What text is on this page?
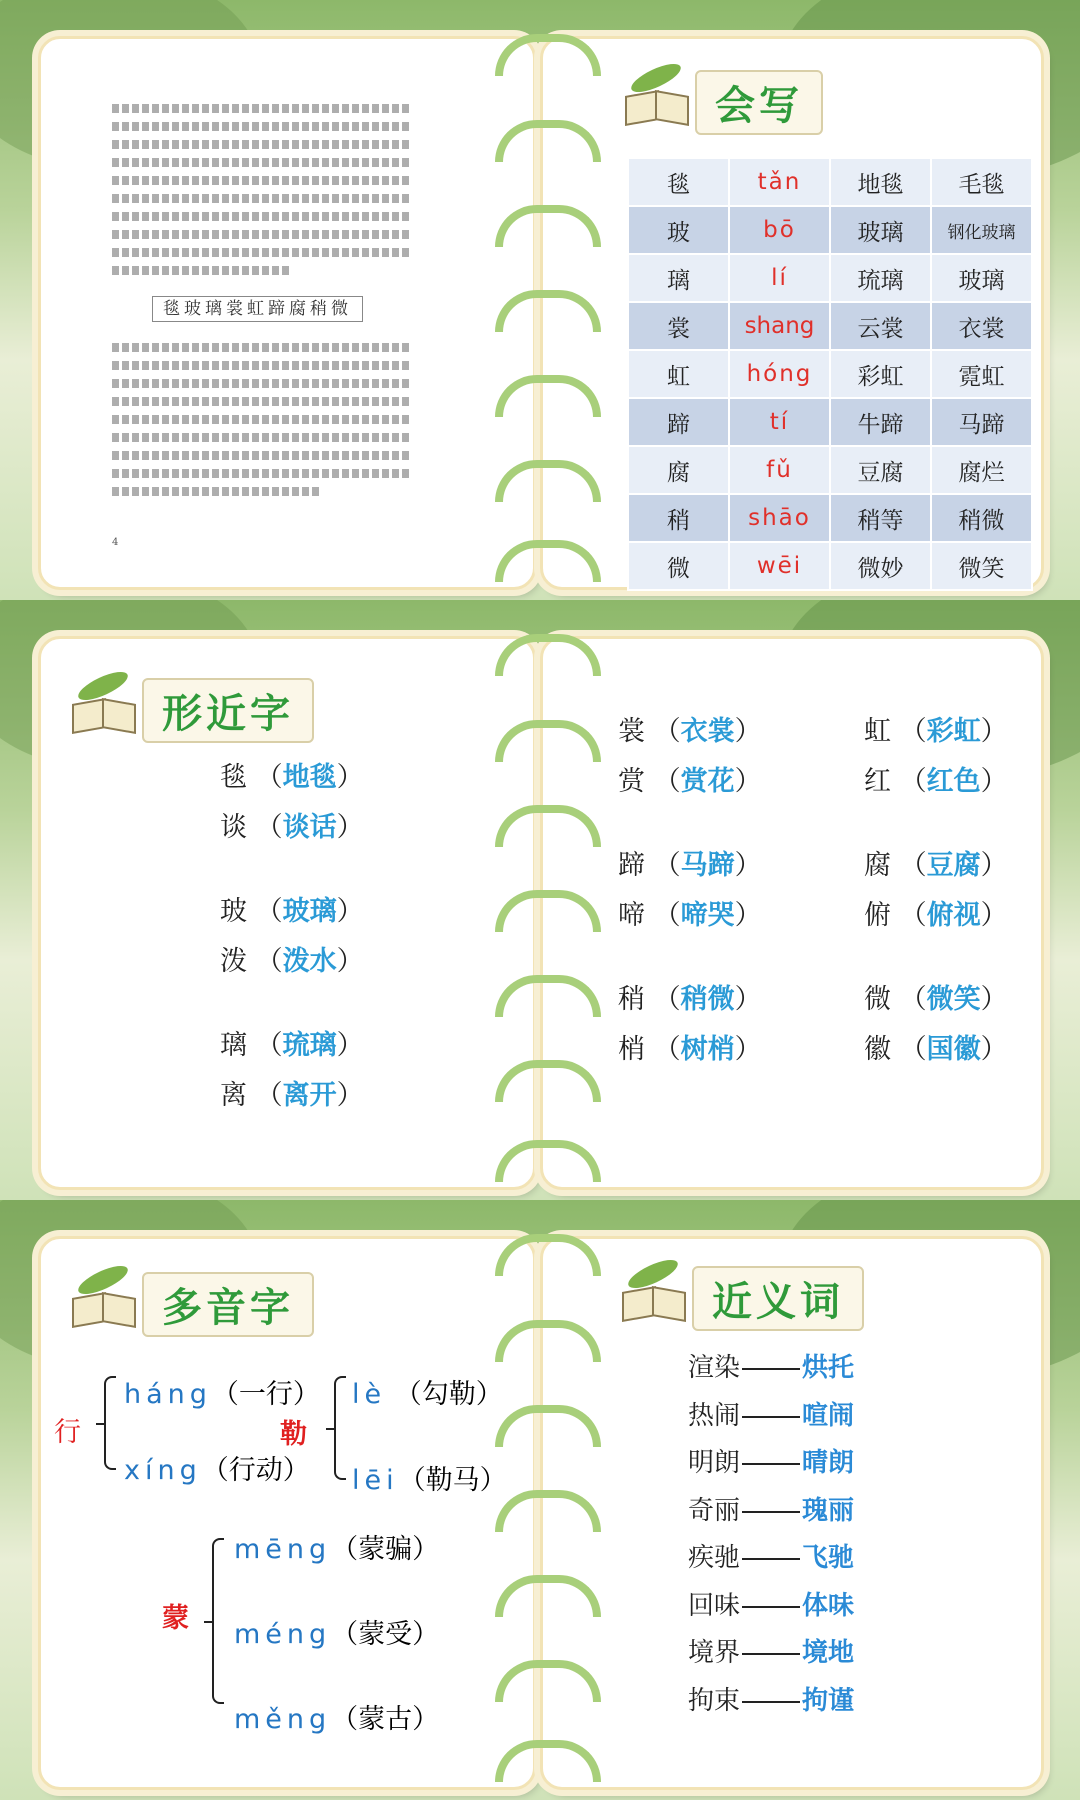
毯玻璃裳虹蹄腐稍微
4
会写
毯	tǎn	地毯	毛毯
玻	bō	玻璃	钢化玻璃
璃	lí	琉璃	玻璃
裳	shang	云裳	衣裳
虹	hóng	彩虹	霓虹
蹄	tí	牛蹄	马蹄
腐	fǔ	豆腐	腐烂
稍	shāo	稍等	稍微
微	wēi	微妙	微笑
形近字
毯 （地毯）
谈 （谈话）
玻 （玻璃）
泼 （泼水）
璃 （琉璃）
离 （离开）
裳 （衣裳）
赏 （赏花）
蹄 （马蹄）
啼 （啼哭）
稍 （稍微）
梢 （树梢）
虹 （彩虹）
红 （红色）
腐 （豆腐）
俯 （俯视）
微 （微笑）
徽 （国徽）
多音字	近义词
行
háng（一行）
xíng（行动）
勒
lè （勾勒）
lēi（勒马）
蒙
mēng（蒙骗）
méng（蒙受）
měng（蒙古）
渲染 烘托
热闹 喧闹
明朗 晴朗
奇丽 瑰丽
疾驰 飞驰
回味 体味
境界 境地
拘束 拘谨
